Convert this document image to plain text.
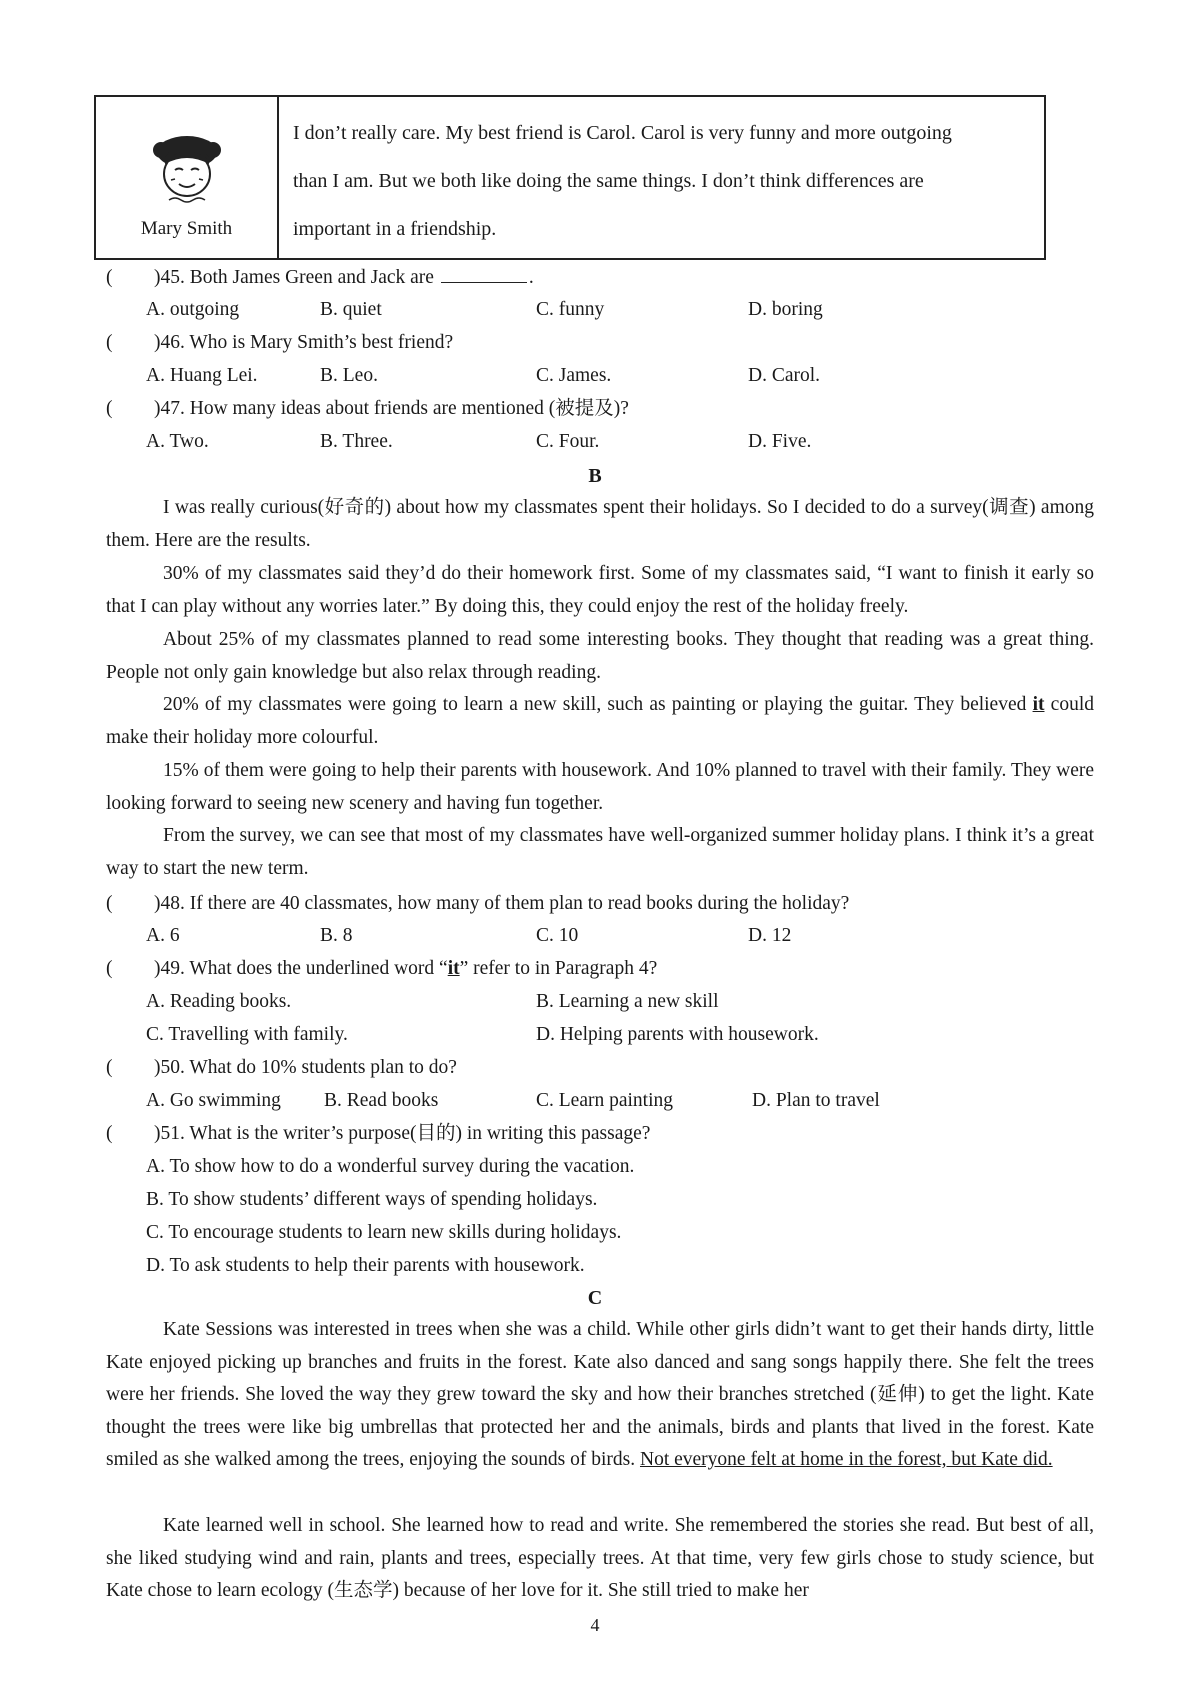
Mary Smith

I don’t really care. My best friend is Carol. Carol is very funny and more outgoing

than I am. But we both like doing the same things. I don’t think differences are

important in a friendship.

( )45. Both James Green and Jack are	.
A. outgoing	B. quiet	C. funny	D. boring
( )46. Who is Mary Smith’s best friend?
A. Huang Lei.	B. Leo.	C. James.	D. Carol.
( )47. How many ideas about friends are mentioned (被提及)?
A. Two.	B. Three.	C. Four.	D. Five.
B

I was really curious(好奇的) about how my classmates spent their holidays. So I decided to do a survey(调查) among them. Here are the results.

30% of my classmates said they’d do their homework first. Some of my classmates said, “I want to finish it early so that I can play without any worries later.” By doing this, they could enjoy the rest of the holiday freely.

About 25% of my classmates planned to read some interesting books. They thought that reading was a great thing. People not only gain knowledge but also relax through reading.

20% of my classmates were going to learn a new skill, such as painting or playing the guitar. They believed it could make their holiday more colourful.

15% of them were going to help their parents with housework. And 10% planned to travel with their family. They were looking forward to seeing new scenery and having fun together.

From the survey, we can see that most of my classmates have well-organized summer holiday plans. I think it’s a great way to start the new term.

( )48. If there are 40 classmates, how many of them plan to read books during the holiday?
A. 6	B. 8	C. 10	D. 12
( )49. What does the underlined word “it” refer to in Paragraph 4?
A. Reading books.	B. Learning a new skill
C. Travelling with family.	D. Helping parents with housework.
( )50. What do 10% students plan to do?
A. Go swimming B. Read books	C. Learn painting	D. Plan to travel
( )51. What is the writer’s purpose(目的) in writing this passage?
A. To show how to do a wonderful survey during the vacation.
B. To show students’ different ways of spending holidays.
C. To encourage students to learn new skills during holidays.
D. To ask students to help their parents with housework.
C

Kate Sessions was interested in trees when she was a child. While other girls didn’t want to get their hands dirty, little Kate enjoyed picking up branches and fruits in the forest. Kate also danced and sang songs happily there. She felt the trees were her friends. She loved the way they grew toward the sky and how their branches stretched (延伸) to get the light. Kate thought the trees were like big umbrellas that protected her and the animals, birds and plants that lived in the forest. Kate smiled as she walked among the trees, enjoying the sounds of birds. Not everyone felt at home in the forest, but Kate did.

Kate learned well in school. She learned how to read and write. She remembered the stories she read. But best of all, she liked studying wind and rain, plants and trees, especially trees. At that time, very few girls chose to study science, but Kate chose to learn ecology (生态学) because of her love for it. She still tried to make her

4
